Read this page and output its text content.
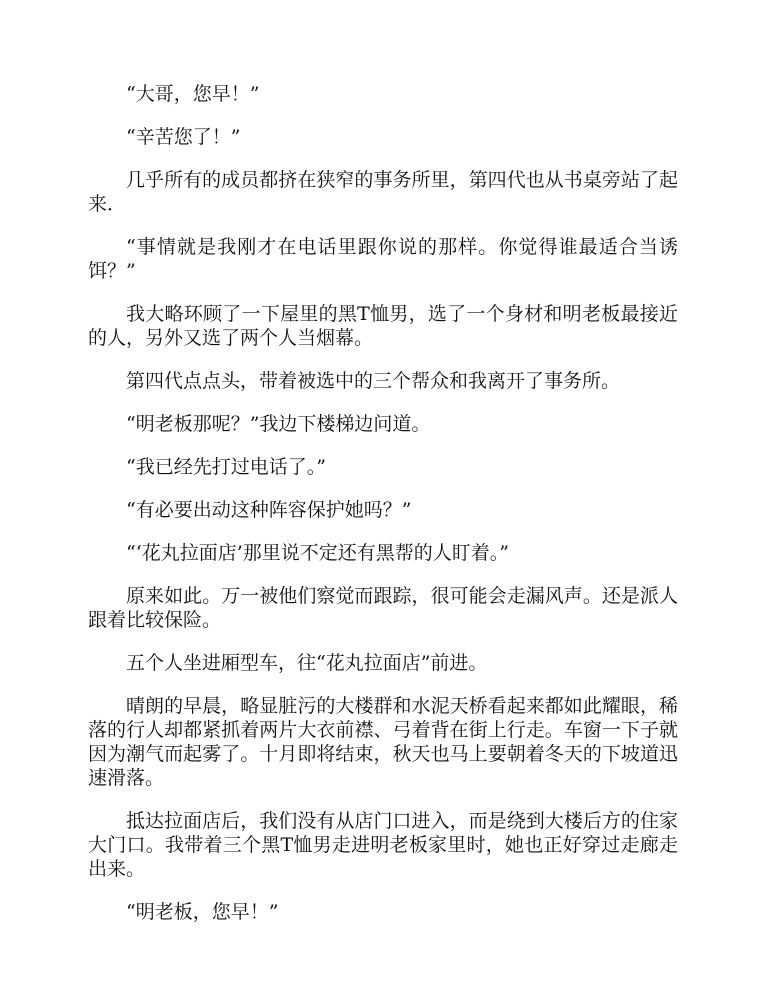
“大哥，您早！”

“辛苦您了！”

几乎所有的成员都挤在狭窄的事务所里，第四代也从书桌旁站了起来．

“事情就是我刚才在电话里跟你说的那样。你觉得谁最适合当诱饵？”

我大略环顾了一下屋里的黑T恤男，选了一个身材和明老板最接近的人，另外又选了两个人当烟幕。

第四代点点头，带着被选中的三个帮众和我离开了事务所。

“明老板那呢？”我边下楼梯边问道。

“我已经先打过电话了。”

“有必要出动这种阵容保护她吗？”

“‘花丸拉面店’那里说不定还有黑帮的人盯着。”

原来如此。万一被他们察觉而跟踪，很可能会走漏风声。还是派人跟着比较保险。

五个人坐进厢型车，往“花丸拉面店”前进。

晴朗的早晨，略显脏污的大楼群和水泥天桥看起来都如此耀眼，稀落的行人却都紧抓着两片大衣前襟、弓着背在街上行走。车窗一下子就因为潮气而起雾了。十月即将结束，秋天也马上要朝着冬天的下坡道迅速滑落。

抵达拉面店后，我们没有从店门口进入，而是绕到大楼后方的住家大门口。我带着三个黑T恤男走进明老板家里时，她也正好穿过走廊走出来。

“明老板，您早！”
